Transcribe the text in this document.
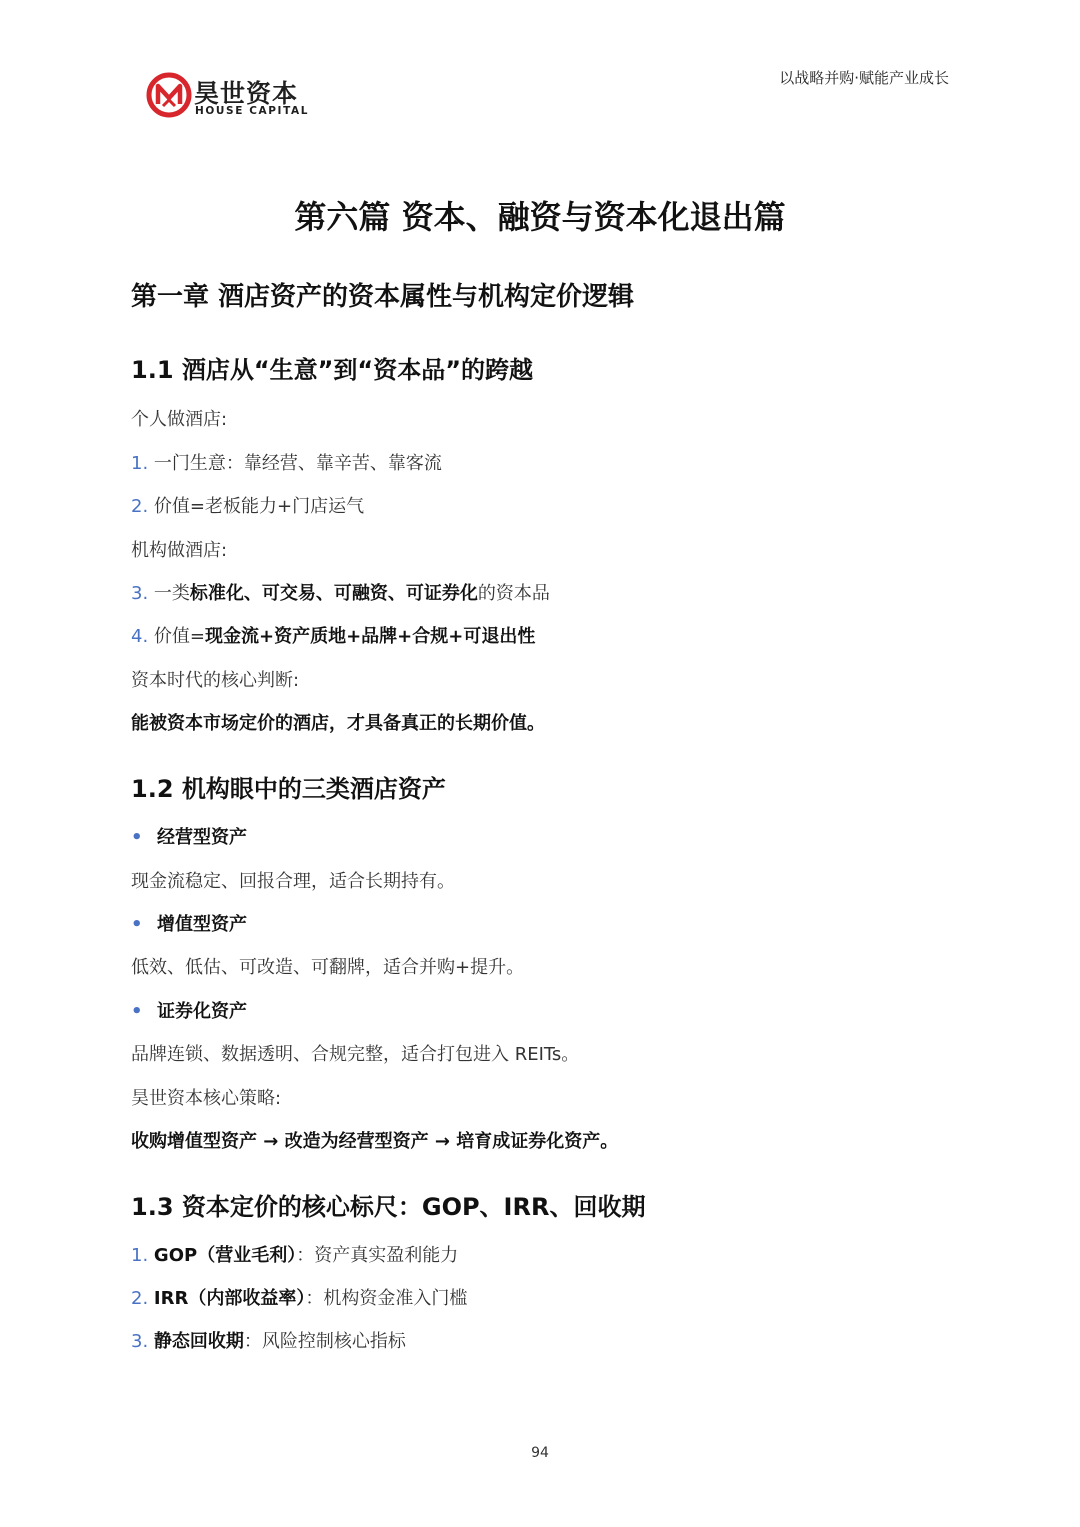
昊世资本
HOUSE CAPITAL
以战略并购·赋能产业成长
第六篇 资本、融资与资本化退出篇
第一章 酒店资产的资本属性与机构定价逻辑
1.1 酒店从“生意”到“资本品”的跨越
个人做酒店:
1. 一门生意：靠经营、靠辛苦、靠客流
2. 价值=老板能力+门店运气
机构做酒店:
3. 一类标准化、可交易、可融资、可证券化的资本品
4. 价值=现金流+资产质地+品牌+合规+可退出性
资本时代的核心判断:
能被资本市场定价的酒店，才具备真正的长期价值。
1.2 机构眼中的三类酒店资产
• 经营型资产
现金流稳定、回报合理，适合长期持有。
• 增值型资产
低效、低估、可改造、可翻牌，适合并购+提升。
• 证券化资产
品牌连锁、数据透明、合规完整，适合打包进入 REITs。
昊世资本核心策略:
收购增值型资产 → 改造为经营型资产 → 培育成证券化资产。
1.3 资本定价的核心标尺：GOP、IRR、回收期
1. GOP（营业毛利）：资产真实盈利能力
2. IRR（内部收益率）：机构资金准入门槛
3. 静态回收期：风险控制核心指标
94
